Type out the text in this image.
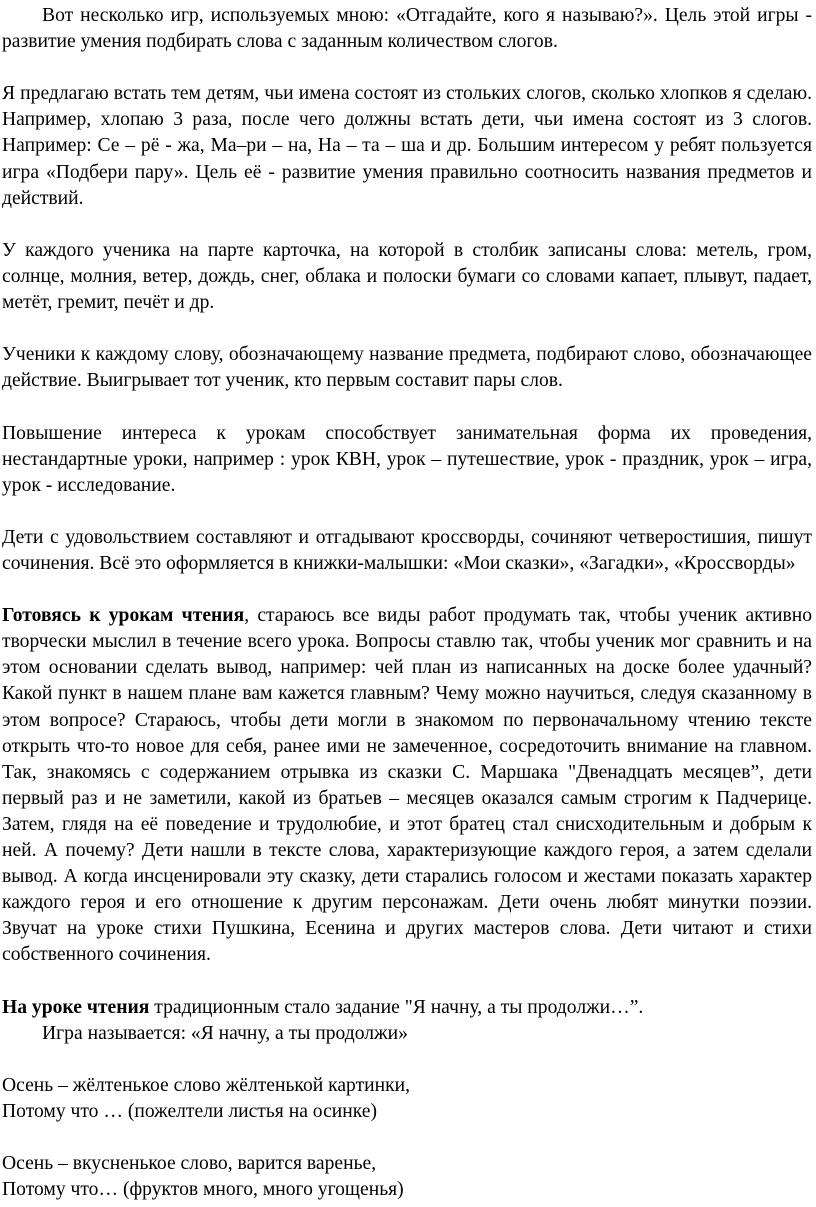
Вот несколько игр, используемых мною: «Отгадайте, кого я называю?». Цель этой игры - развитие умения подбирать слова с заданным количеством слогов.

Я предлагаю встать тем детям, чьи имена состоят из стольких слогов, сколько хлопков я сделаю. Например, хлопаю 3 раза, после чего должны встать дети, чьи имена состоят из 3 слогов. Например: Се – рё - жа, Ма–ри – на, На – та – ша и др. Большим интересом у ребят пользуется игра «Подбери пару». Цель её - развитие умения правильно соотносить названия предметов и действий.

У каждого ученика на парте карточка, на которой в столбик записаны слова: метель, гром, солнце, молния, ветер, дождь, снег, облака и полоски бумаги со словами капает, плывут, падает, метёт, гремит, печёт и др.

Ученики к каждому слову, обозначающему название предмета, подбирают слово, обозначающее действие. Выигрывает тот ученик, кто первым составит пары слов.

Повышение интереса к урокам способствует занимательная форма их проведения, нестандартные уроки, например : урок КВН, урок – путешествие, урок - праздник, урок – игра, урок - исследование.

Дети с удовольствием составляют и отгадывают кроссворды, сочиняют четверостишия, пишут сочинения. Всё это оформляется в книжки-малышки: «Мои сказки», «Загадки», «Кроссворды»

Готовясь к урокам чтения, стараюсь все виды работ продумать так, чтобы ученик активно творчески мыслил в течение всего урока. Вопросы ставлю так, чтобы ученик мог сравнить и на этом основании сделать вывод, например: чей план из написанных на доске более удачный? Какой пункт в нашем плане вам кажется главным? Чему можно научиться, следуя сказанному в этом вопросе? Стараюсь, чтобы дети могли в знакомом по первоначальному чтению тексте открыть что-то новое для себя, ранее ими не замеченное, сосредоточить внимание на главном. Так, знакомясь с содержанием отрывка из сказки С. Маршака "Двенадцать месяцев”, дети первый раз и не заметили, какой из братьев – месяцев оказался самым строгим к Падчерице. Затем, глядя на её поведение и трудолюбие, и этот братец стал снисходительным и добрым к ней. А почему? Дети нашли в тексте слова, характеризующие каждого героя, а затем сделали вывод. А когда инсценировали эту сказку, дети старались голосом и жестами показать характер каждого героя и его отношение к другим персонажам. Дети очень любят минутки поэзии. Звучат на уроке стихи Пушкина, Есенина и других мастеров слова. Дети читают и стихи собственного сочинения.

На уроке чтения традиционным стало задание "Я начну, а ты продолжи…”.

Игра называется: «Я начну, а ты продолжи»

Осень – жёлтенькое слово жёлтенькой картинки,

Потому что … (пожелтели листья на осинке)

Осень – вкусненькое слово, варится варенье,

Потому что… (фруктов много, много угощенья)
